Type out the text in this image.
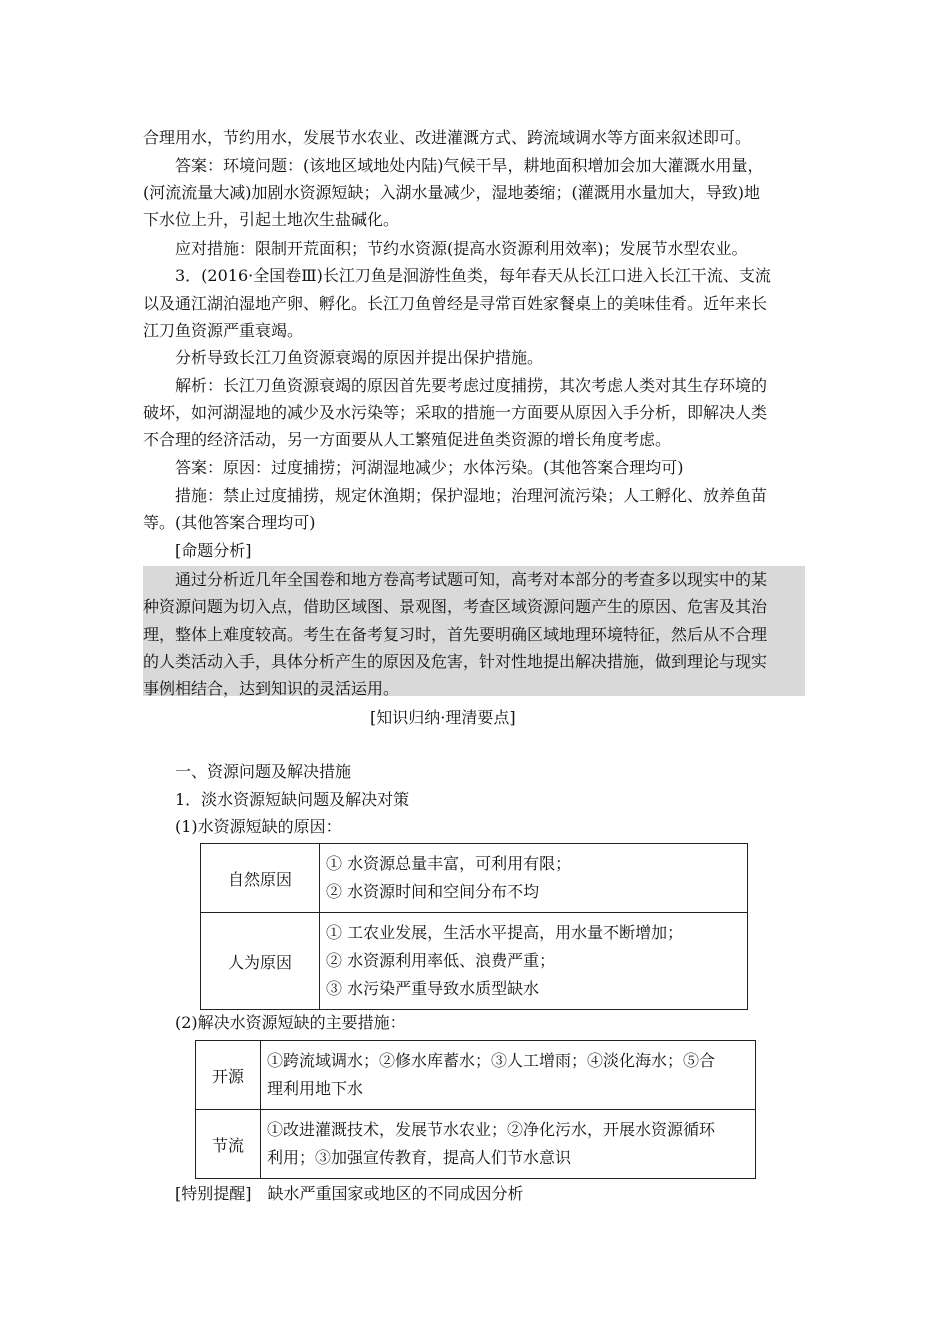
合理用水，节约用水，发展节水农业、改进灌溉方式、跨流域调水等方面来叙述即可。
答案：环境问题：(该地区域地处内陆)气候干旱，耕地面积增加会加大灌溉水用量，
(河流流量大减)加剧水资源短缺；入湖水量减少，湿地萎缩；(灌溉用水量加大，导致)地
下水位上升，引起土地次生盐碱化。
应对措施：限制开荒面积；节约水资源(提高水资源利用效率)；发展节水型农业。
3．(2016·全国卷Ⅲ)长江刀鱼是洄游性鱼类，每年春天从长江口进入长江干流、支流
以及通江湖泊湿地产卵、孵化。长江刀鱼曾经是寻常百姓家餐桌上的美味佳肴。近年来长
江刀鱼资源严重衰竭。
分析导致长江刀鱼资源衰竭的原因并提出保护措施。
解析：长江刀鱼资源衰竭的原因首先要考虑过度捕捞，其次考虑人类对其生存环境的
破坏，如河湖湿地的减少及水污染等；采取的措施一方面要从原因入手分析，即解决人类
不合理的经济活动，另一方面要从人工繁殖促进鱼类资源的增长角度考虑。
答案：原因：过度捕捞；河湖湿地减少；水体污染。(其他答案合理均可)
措施：禁止过度捕捞，规定休渔期；保护湿地；治理河流污染；人工孵化、放养鱼苗
等。(其他答案合理均可)
[命题分析]
通过分析近几年全国卷和地方卷高考试题可知，高考对本部分的考查多以现实中的某
种资源问题为切入点，借助区域图、景观图，考查区域资源问题产生的原因、危害及其治
理，整体上难度较高。考生在备考复习时，首先要明确区域地理环境特征，然后从不合理
的人类活动入手，具体分析产生的原因及危害，针对性地提出解决措施，做到理论与现实
事例相结合，达到知识的灵活运用。
[知识归纳·理清要点]
一、资源问题及解决措施
1．淡水资源短缺问题及解决对策
(1)水资源短缺的原因：
自然原因	① 水资源总量丰富，可利用有限；
② 水资源时间和空间分布不均

人为原因	① 工农业发展，生活水平提高，用水量不断增加；
② 水资源利用率低、浪费严重；
③ 水污染严重导致水质型缺水
(2)解决水资源短缺的主要措施：
开源	①跨流域调水；②修水库蓄水；③人工增雨；④淡化海水；⑤合
理利用地下水

节流	①改进灌溉技术，发展节水农业；②净化污水，开展水资源循环
利用；③加强宣传教育，提高人们节水意识
[特别提醒]　缺水严重国家或地区的不同成因分析
